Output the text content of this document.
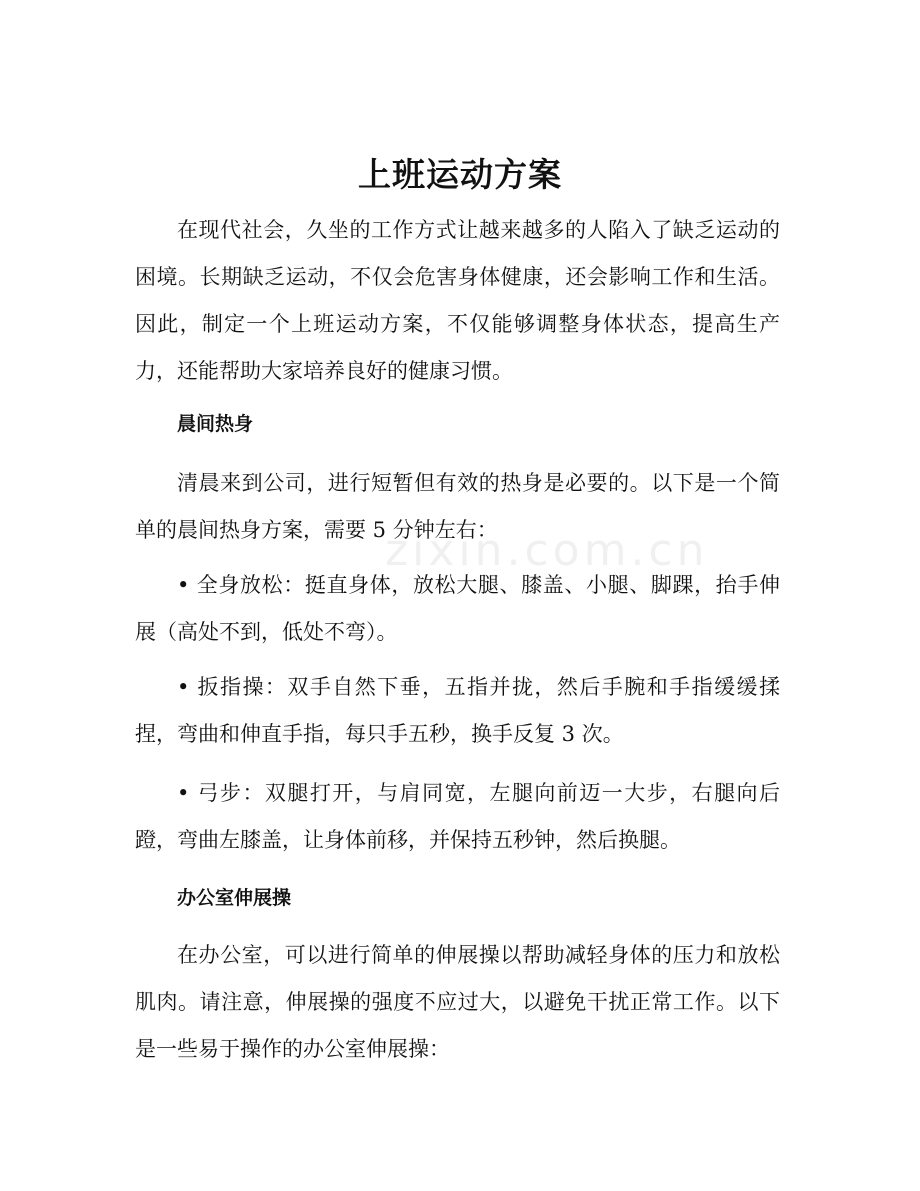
上班运动方案

在现代社会，久坐的工作方式让越来越多的人陷入了缺乏运动的困境。长期缺乏运动，不仅会危害身体健康，还会影响工作和生活。因此，制定一个上班运动方案，不仅能够调整身体状态，提高生产力，还能帮助大家培养良好的健康习惯。

晨间热身

清晨来到公司，进行短暂但有效的热身是必要的。以下是一个简单的晨间热身方案，需要 5 分钟左右：

• 全身放松：挺直身体，放松大腿、膝盖、小腿、脚踝，抬手伸展（高处不到，低处不弯）。

• 扳指操：双手自然下垂，五指并拢，然后手腕和手指缓缓揉捏，弯曲和伸直手指，每只手五秒，换手反复 3 次。

• 弓步：双腿打开，与肩同宽，左腿向前迈一大步，右腿向后蹬，弯曲左膝盖，让身体前移，并保持五秒钟，然后换腿。

办公室伸展操

在办公室，可以进行简单的伸展操以帮助减轻身体的压力和放松肌肉。请注意，伸展操的强度不应过大，以避免干扰正常工作。以下是一些易于操作的办公室伸展操：

zixin.com.cn
